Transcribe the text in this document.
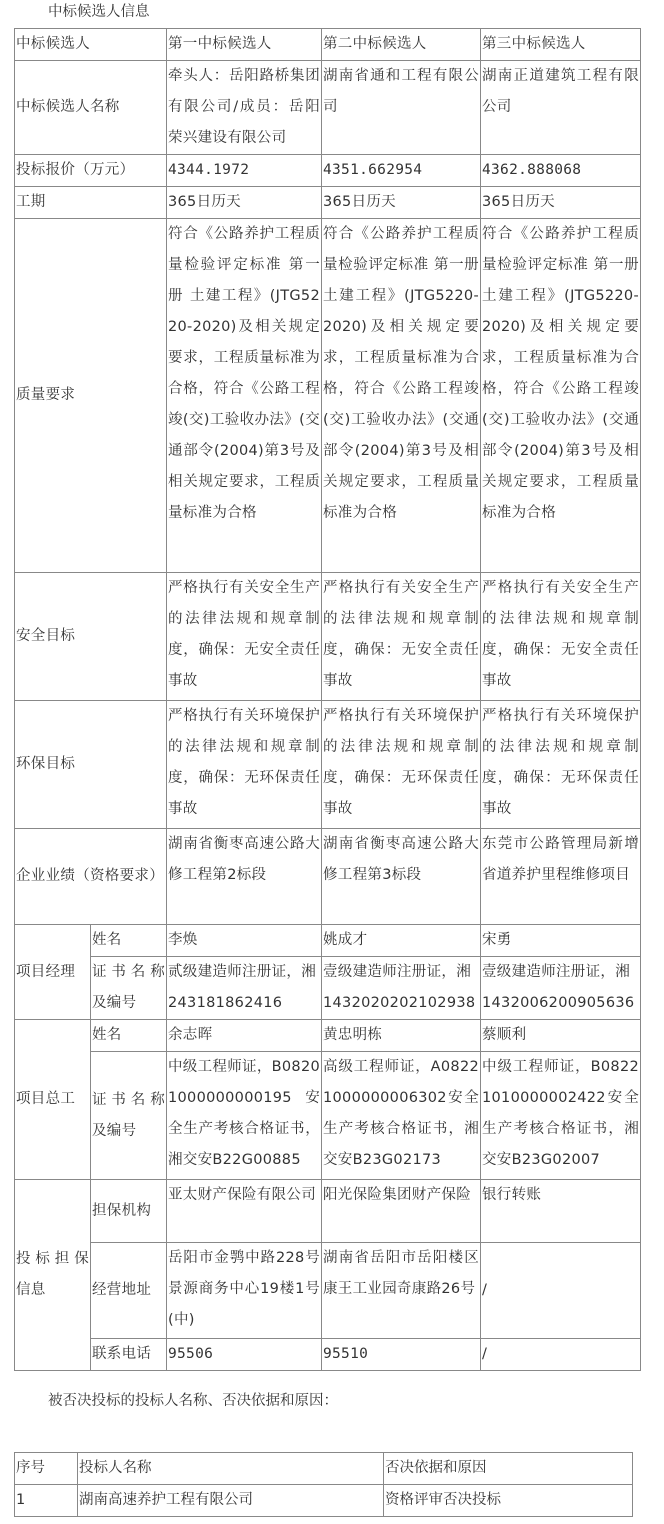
中标候选人信息
中标候选人		第一中标候选人	第二中标候选人	第三中标候选人
中标候选人名称		牵头人：岳阳路桥集团有限公司/成员：岳阳荣兴建设有限公司	湖南省通和工程有限公司	湖南正道建筑工程有限公司
投标报价（万元）		4344.1972	4351.662954	4362.888068
工期		365日历天	365日历天	365日历天
质量要求		符合《公路养护工程质量检验评定标准 第一册 土建工程》(JTG5220-2020)及相关规定要求，工程质量标准为合格，符合《公路工程竣(交)工验收办法》(交通部令(2004)第3号及相关规定要求，工程质量标准为合格	符合《公路养护工程质量检验评定标准 第一册 土建工程》(JTG5220-2020)及相关规定要求，工程质量标准为合格，符合《公路工程竣(交)工验收办法》(交通部令(2004)第3号及相关规定要求，工程质量标准为合格	符合《公路养护工程质量检验评定标准 第一册 土建工程》(JTG5220-2020)及相关规定要求，工程质量标准为合格，符合《公路工程竣(交)工验收办法》(交通部令(2004)第3号及相关规定要求，工程质量标准为合格
安全目标		严格执行有关安全生产的法律法规和规章制度，确保：无安全责任事故	严格执行有关安全生产的法律法规和规章制度，确保：无安全责任事故	严格执行有关安全生产的法律法规和规章制度，确保：无安全责任事故
环保目标		严格执行有关环境保护的法律法规和规章制度，确保：无环保责任事故	严格执行有关环境保护的法律法规和规章制度，确保：无环保责任事故	严格执行有关环境保护的法律法规和规章制度，确保：无环保责任事故
企业业绩（资格要求）		湖南省衡枣高速公路大修工程第2标段	湖南省衡枣高速公路大修工程第3标段	东莞市公路管理局新增省道养护里程维修项目
项目经理	姓名	李焕	姚成才	宋勇
	证书名称及编号	贰级建造师注册证，湘243181862416	壹级建造师注册证，湘1432020202102938	壹级建造师注册证，湘1432006200905636
项目总工	姓名	余志晖	黄忠明栋	蔡顺利
	证书名称及编号	中级工程师证，B08201000000000195安全生产考核合格证书，湘交安B22G00885	高级工程师证，A08221000000006302安全生产考核合格证书，湘交安B23G02173	中级工程师证，B08221010000002422安全生产考核合格证书，湘交安B23G02007
投标担保信息	担保机构	亚太财产保险有限公司	阳光保险集团财产保险	银行转账
	经营地址	岳阳市金鹗中路228号景源商务中心19楼1号(中)	湖南省岳阳市岳阳楼区康王工业园奇康路26号	/
	联系电话	95506	95510	/
被否决投标的投标人名称、否决依据和原因：
序号	投标人名称	否决依据和原因
1	湖南高速养护工程有限公司	资格评审否决投标
